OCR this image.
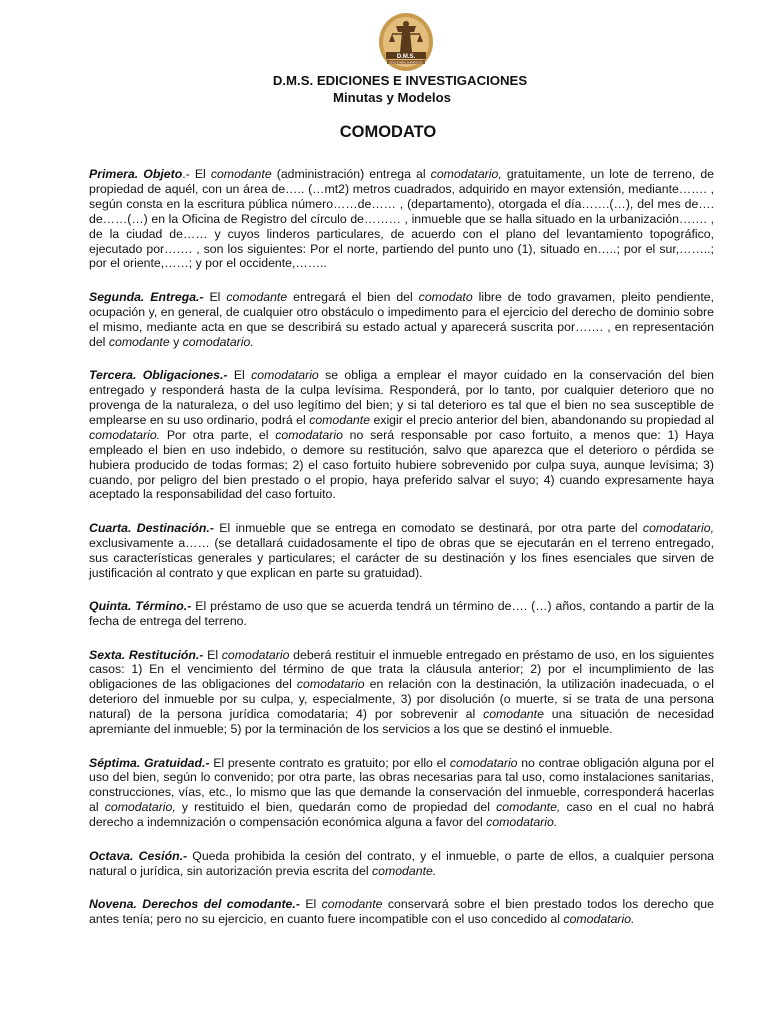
D.M.S.
EDICIONES JURIDICAS
D.M.S. EDICIONES E INVESTIGACIONES
Minutas y Modelos
COMODATO

Primera. Objeto.- El comodante (administración) entrega al comodatario, gratuitamente, un lote de terreno, de propiedad de aquél, con un área de….. (…mt2) metros cuadrados, adquirido en mayor extensión, mediante……. , según consta en la escritura pública número……de…… , (departamento), otorgada el día…….(…), del mes de…. de……(…) en la Oficina de Registro del círculo de……… , inmueble que se halla situado en la urbanización……. , de la ciudad de…… y cuyos linderos particulares, de acuerdo con el plano del levantamiento topográfico, ejecutado por……. , son los siguientes: Por el norte, partiendo del punto uno (1), situado en…..; por el sur,……..; por el oriente,……; y por el occidente,……..

Segunda. Entrega.- El comodante entregará el bien del comodato libre de todo gravamen, pleito pendiente, ocupación y, en general, de cualquier otro obstáculo o impedimento para el ejercicio del derecho de dominio sobre el mismo, mediante acta en que se describirá su estado actual y aparecerá suscrita por……. , en representación del comodante y comodatario.

Tercera. Obligaciones.- El comodatario se obliga a emplear el mayor cuidado en la conservación del bien entregado y responderá hasta de la culpa levísima. Responderá, por lo tanto, por cualquier deterioro que no provenga de la naturaleza, o del uso legítimo del bien; y si tal deterioro es tal que el bien no sea susceptible de emplearse en su uso ordinario, podrá el comodante exigir el precio anterior del bien, abandonando su propiedad al comodatario. Por otra parte, el comodatario no será responsable por caso fortuito, a menos que: 1) Haya empleado el bien en uso indebido, o demore su restitución, salvo que aparezca que el deterioro o pérdida se hubiera producido de todas formas; 2) el caso fortuito hubiere sobrevenido por culpa suya, aunque levísima; 3) cuando, por peligro del bien prestado o el propio, haya preferido salvar el suyo; 4) cuando expresamente haya aceptado la responsabilidad del caso fortuito.

Cuarta. Destinación.- El inmueble que se entrega en comodato se destinará, por otra parte del comodatario, exclusivamente a…… (se detallará cuidadosamente el tipo de obras que se ejecutarán en el terreno entregado, sus características generales y particulares; el carácter de su destinación y los fines esenciales que sirven de justificación al contrato y que explican en parte su gratuidad).

Quinta. Término.- El préstamo de uso que se acuerda tendrá un término de…. (…) años, contando a partir de la fecha de entrega del terreno.

Sexta. Restitución.- El comodatario deberá restituir el inmueble entregado en préstamo de uso, en los siguientes casos: 1) En el vencimiento del término de que trata la cláusula anterior; 2) por el incumplimiento de las obligaciones de las obligaciones del comodatario en relación con la destinación, la utilización inadecuada, o el deterioro del inmueble por su culpa, y, especialmente, 3) por disolución (o muerte, si se trata de una persona natural) de la persona jurídica comodataria; 4) por sobrevenir al comodante una situación de necesidad apremiante del inmueble; 5) por la terminación de los servicios a los que se destinó el inmueble.

Séptima. Gratuidad.- El presente contrato es gratuito; por ello el comodatario no contrae obligación alguna por el uso del bien, según lo convenido; por otra parte, las obras necesarias para tal uso, como instalaciones sanitarias, construcciones, vías, etc., lo mismo que las que demande la conservación del inmueble, corresponderá hacerlas al comodatario, y restituido el bien, quedarán como de propiedad del comodante, caso en el cual no habrá derecho a indemnización o compensación económica alguna a favor del comodatario.

Octava. Cesión.- Queda prohibida la cesión del contrato, y el inmueble, o parte de ellos, a cualquier persona natural o jurídica, sin autorización previa escrita del comodante.

Novena. Derechos del comodante.- El comodante conservará sobre el bien prestado todos los derecho que antes tenía; pero no su ejercicio, en cuanto fuere incompatible con el uso concedido al comodatario.
